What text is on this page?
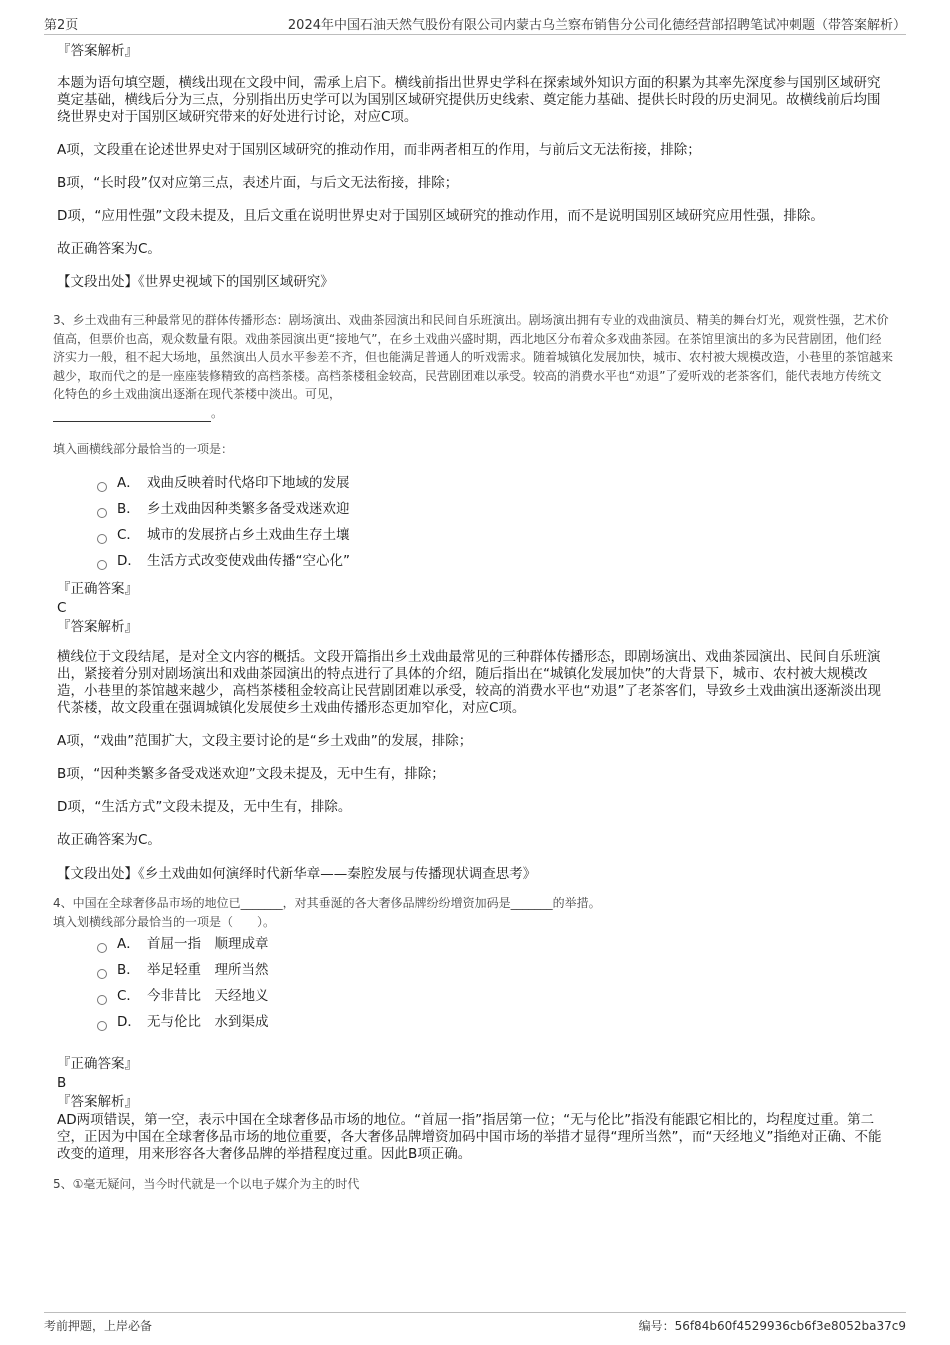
第2页	2024年中国石油天然气股份有限公司内蒙古乌兰察布销售分公司化德经营部招聘笔试冲刺题（带答案解析）
『答案解析』
本题为语句填空题，横线出现在文段中间，需承上启下。横线前指出世界史学科在探索域外知识方面的积累为其率先深度参与国别区域研究奠定基础，横线后分为三点，分别指出历史学可以为国别区域研究提供历史线索、奠定能力基础、提供长时段的历史洞见。故横线前后均围绕世界史对于国别区域研究带来的好处进行讨论，对应C项。
A项，文段重在论述世界史对于国别区域研究的推动作用，而非两者相互的作用，与前后文无法衔接，排除；
B项，“长时段”仅对应第三点，表述片面，与后文无法衔接，排除；
D项，“应用性强”文段未提及，且后文重在说明世界史对于国别区域研究的推动作用，而不是说明国别区域研究应用性强，排除。
故正确答案为C。
【文段出处】《世界史视域下的国别区域研究》
3、乡土戏曲有三种最常见的群体传播形态：剧场演出、戏曲茶园演出和民间自乐班演出。剧场演出拥有专业的戏曲演员、精美的舞台灯光，观赏性强，艺术价值高，但票价也高，观众数量有限。戏曲茶园演出更“接地气”，在乡土戏曲兴盛时期，西北地区分布着众多戏曲茶园。在茶馆里演出的多为民营剧团，他们经济实力一般，租不起大场地，虽然演出人员水平参差不齐，但也能满足普通人的听戏需求。随着城镇化发展加快，城市、农村被大规模改造，小巷里的茶馆越来越少，取而代之的是一座座装修精致的高档茶楼。高档茶楼租金较高，民营剧团难以承受。较高的消费水平也“劝退”了爱听戏的老茶客们，能代表地方传统文化特色的乡土戏曲演出逐渐在现代茶楼中淡出。可见，
。
填入画横线部分最恰当的一项是：
A． 戏曲反映着时代烙印下地域的发展
B． 乡土戏曲因种类繁多备受戏迷欢迎
C． 城市的发展挤占乡土戏曲生存土壤
D． 生活方式改变使戏曲传播“空心化”
『正确答案』
C
『答案解析』
横线位于文段结尾，是对全文内容的概括。文段开篇指出乡土戏曲最常见的三种群体传播形态，即剧场演出、戏曲茶园演出、民间自乐班演出，紧接着分别对剧场演出和戏曲茶园演出的特点进行了具体的介绍，随后指出在“城镇化发展加快”的大背景下，城市、农村被大规模改造，小巷里的茶馆越来越少，高档茶楼租金较高让民营剧团难以承受，较高的消费水平也“劝退”了老茶客们，导致乡土戏曲演出逐渐淡出现代茶楼，故文段重在强调城镇化发展使乡土戏曲传播形态更加窄化，对应C项。
A项，“戏曲”范围扩大，文段主要讨论的是“乡土戏曲”的发展，排除；
B项，“因种类繁多备受戏迷欢迎”文段未提及，无中生有，排除；
D项，“生活方式”文段未提及，无中生有，排除。
故正确答案为C。
【文段出处】《乡土戏曲如何演绎时代新华章——秦腔发展与传播现状调查思考》
4、中国在全球奢侈品市场的地位已_______，对其垂涎的各大奢侈品牌纷纷增资加码是_______的举措。
填入划横线部分最恰当的一项是（　　）。
A． 首屈一指　顺理成章
B． 举足轻重　理所当然
C． 今非昔比　天经地义
D． 无与伦比　水到渠成
『正确答案』
B
『答案解析』
AD两项错误，第一空，表示中国在全球奢侈品市场的地位。“首屈一指”指居第一位；“无与伦比”指没有能跟它相比的，均程度过重。第二空，正因为中国在全球奢侈品市场的地位重要，各大奢侈品牌增资加码中国市场的举措才显得“理所当然”，而“天经地义”指绝对正确、不能改变的道理，用来形容各大奢侈品牌的举措程度过重。因此B项正确。
5、①毫无疑问，当今时代就是一个以电子媒介为主的时代
考前押题，上岸必备	编号：56f84b60f4529936cb6f3e8052ba37c9
